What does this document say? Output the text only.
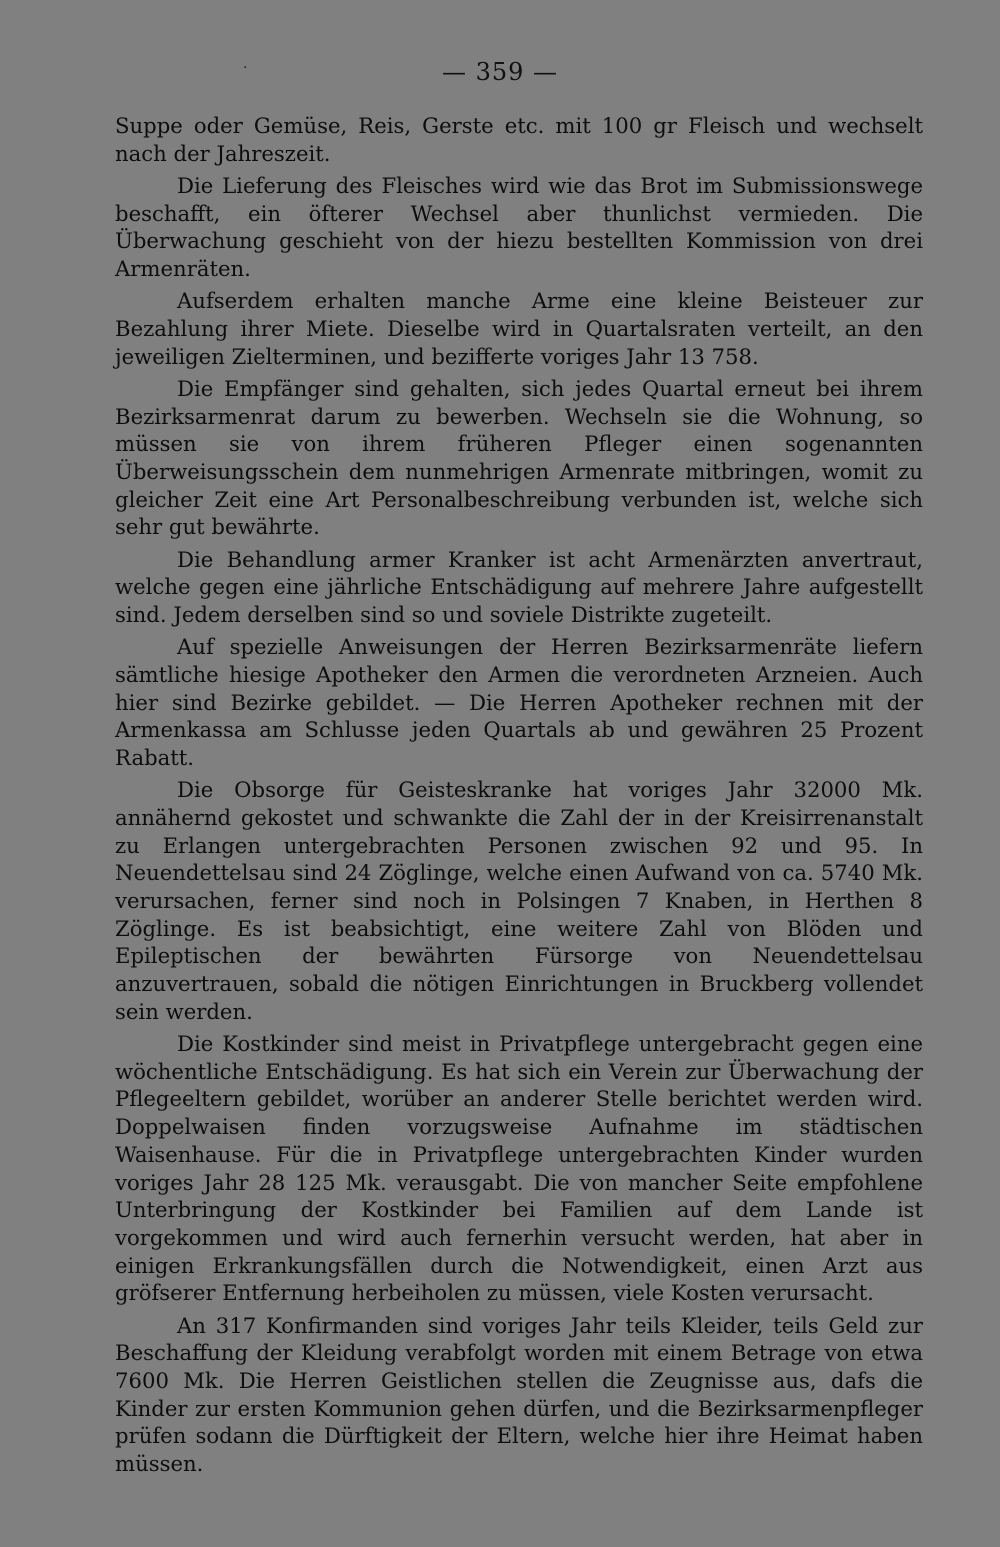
·	— 359 —

Suppe oder Gemüse, Reis, Gerste etc. mit 100 gr Fleisch und wechselt nach der Jahreszeit.

Die Lieferung des Fleisches wird wie das Brot im Submissionswege beschafft, ein öfterer Wechsel aber thunlichst vermieden. Die Überwachung geschieht von der hiezu bestellten Kommission von drei Armenräten.

Aufserdem erhalten manche Arme eine kleine Beisteuer zur Bezahlung ihrer Miete. Dieselbe wird in Quartalsraten verteilt, an den jeweiligen Zielterminen, und bezifferte voriges Jahr 13 758.

Die Empfänger sind gehalten, sich jedes Quartal erneut bei ihrem Bezirksarmenrat darum zu bewerben. Wechseln sie die Wohnung, so müssen sie von ihrem früheren Pfleger einen sogenannten Überweisungsschein dem nunmehrigen Armenrate mitbringen, womit zu gleicher Zeit eine Art Personalbeschreibung verbunden ist, welche sich sehr gut bewährte.

Die Behandlung armer Kranker ist acht Armenärzten anvertraut, welche gegen eine jährliche Entschädigung auf mehrere Jahre aufgestellt sind. Jedem derselben sind so und soviele Distrikte zugeteilt.

Auf spezielle Anweisungen der Herren Bezirksarmenräte liefern sämtliche hiesige Apotheker den Armen die verordneten Arzneien. Auch hier sind Bezirke gebildet. — Die Herren Apotheker rechnen mit der Armenkassa am Schlusse jeden Quartals ab und gewähren 25 Prozent Rabatt.

Die Obsorge für Geisteskranke hat voriges Jahr 32000 Mk. annähernd gekostet und schwankte die Zahl der in der Kreisirrenanstalt zu Erlangen untergebrachten Personen zwischen 92 und 95. In Neuendettelsau sind 24 Zöglinge, welche einen Aufwand von ca. 5740 Mk. verursachen, ferner sind noch in Polsingen 7 Knaben, in Herthen 8 Zöglinge. Es ist beabsichtigt, eine weitere Zahl von Blöden und Epileptischen der bewährten Fürsorge von Neuendettelsau anzuvertrauen, sobald die nötigen Einrichtungen in Bruckberg vollendet sein werden.

Die Kostkinder sind meist in Privatpflege untergebracht gegen eine wöchentliche Entschädigung. Es hat sich ein Verein zur Überwachung der Pflegeeltern gebildet, worüber an anderer Stelle berichtet werden wird. Doppelwaisen finden vorzugsweise Aufnahme im städtischen Waisenhause. Für die in Privatpflege untergebrachten Kinder wurden voriges Jahr 28 125 Mk. verausgabt. Die von mancher Seite empfohlene Unterbringung der Kostkinder bei Familien auf dem Lande ist vorgekommen und wird auch fernerhin versucht werden, hat aber in einigen Erkrankungsfällen durch die Notwendigkeit, einen Arzt aus gröfserer Entfernung herbeiholen zu müssen, viele Kosten verursacht.

An 317 Konfirmanden sind voriges Jahr teils Kleider, teils Geld zur Beschaffung der Kleidung verabfolgt worden mit einem Betrage von etwa 7600 Mk. Die Herren Geistlichen stellen die Zeugnisse aus, dafs die Kinder zur ersten Kommunion gehen dürfen, und die Bezirksarmenpfleger prüfen sodann die Dürftigkeit der Eltern, welche hier ihre Heimat haben müssen.
